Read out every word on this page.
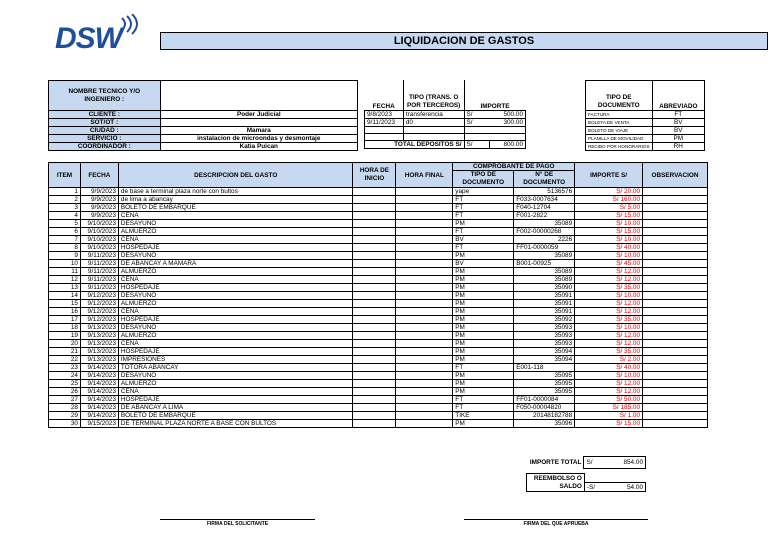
DSW	LIQUIDACION DE GASTOS
NOMBRE TECNICO Y/O INGENIERO :	
CLIENTE :	Poder Judicial
SOT/OT :	
CIUDAD :	Mamara
SERVICIO :	instalacion de microondas y desmontaje
COORDINADOR :	Katia Puican
FECHA	TIPO (TRANS. O POR TERCEROS)	IMPORTE	
9/8/2023	transferencia	S/	500.00
9/11/2023	d0	S/	300.00

TOTAL DEPOSITOS S/		S/	800.00
TIPO DE DOCUMENTO	ABREVIADO
FACTURA	FT
BOLETA DE VENTA	BV
BOLETO DE VIAJE	BV
PLANILLA DE MOVILIDAD	PM
RECIBO POR HONORARIOS	RH
ITEM	FECHA	DESCRIPCION DEL GASTO	HORA DE INICIO	HORA FINAL	COMPROBANTE DE PAGO		IMPORTE S/	OBSERVACION
					TIPO DE DOCUMENTO	N° DE DOCUMENTO		
1	9/9/2023	de base a terminal plaza norte con bultos			yape	5136576	S/ 20.00	
2	9/9/2023	de lima a abancay			FT	F033-0007634	S/ 160.00	
3	9/9/2023	BOLETO DE EMBARQUE			FT	F040-12704	S/ 5.00	
4	9/9/2023	CENA			FT	F001-2822	S/ 15.00	
5	9/10/2023	DESAYUNO			PM	35089	S/ 10.00	
6	9/10/2023	ALMUERZO			FT	F002-00000268	S/ 15.00	
7	9/10/2023	CENA			BV	2226	S/ 10.00	
8	9/10/2023	HOSPEDAJE			FT	FF01-0000059	S/ 40.00	
9	9/11/2023	DESAYUNO			PM	35089	S/ 10.00	
10	9/11/2023	DE ABANCAY A MAMARA			BV	B001-00925	S/ 45.00	
11	9/11/2023	ALMUERZO			PM	35089	S/ 12.00	
12	9/11/2023	CENA			PM	35089	S/ 12.00	
13	9/11/2023	HOSPEDAJE			PM	35090	S/ 35.00	
14	9/12/2023	DESAYUNO			PM	35091	S/ 10.00	
15	9/12/2023	ALMUERZO			PM	35091	S/ 12.00	
16	9/12/2023	CENA			PM	35091	S/ 12.00	
17	9/12/2023	HOSPEDAJE			PM	35092	S/ 35.00	
18	9/13/2023	DESAYUNO			PM	35093	S/ 10.00	
19	9/13/2023	ALMUERZO			PM	35093	S/ 12.00	
20	9/13/2023	CENA			PM	35093	S/ 12.00	
21	9/13/2023	HOSPEDAJE			PM	35094	S/ 35.00	
22	9/13/2023	IMPRESIONES			PM	35094	S/ 2.00	
23	9/14/2023	TOTORA ABANCAY			FT	E001-118	S/ 40.00	
24	9/14/2023	DESAYUNO			PM	35095	S/ 10.00	
25	9/14/2023	ALMUERZO			PM	35095	S/ 12.00	
26	9/14/2023	CENA			PM	35095	S/ 12.00	
27	9/14/2023	HOSPEDAJE			FT	FF01-0000084	S/ 50.00	
28	9/14/2023	DE ABANCAY A LIMA			FT	F050-00004820	S/ 185.00	
29	9/14/2023	BOLETO DE EMBARQUE			TIKE	20148182788	S/ 1.00	
30	9/15/2023	DE TERMINAL PLAZA NORTE A BASE CON BULTOS			PM	35096	S/ 15.00	
IMPORTE TOTAL	S/	854.00
REEMBOLSO O		
SALDO	-S/	54.00
FIRMA DEL SOLICITANTE	FIRMA DEL QUE APRUEBA
